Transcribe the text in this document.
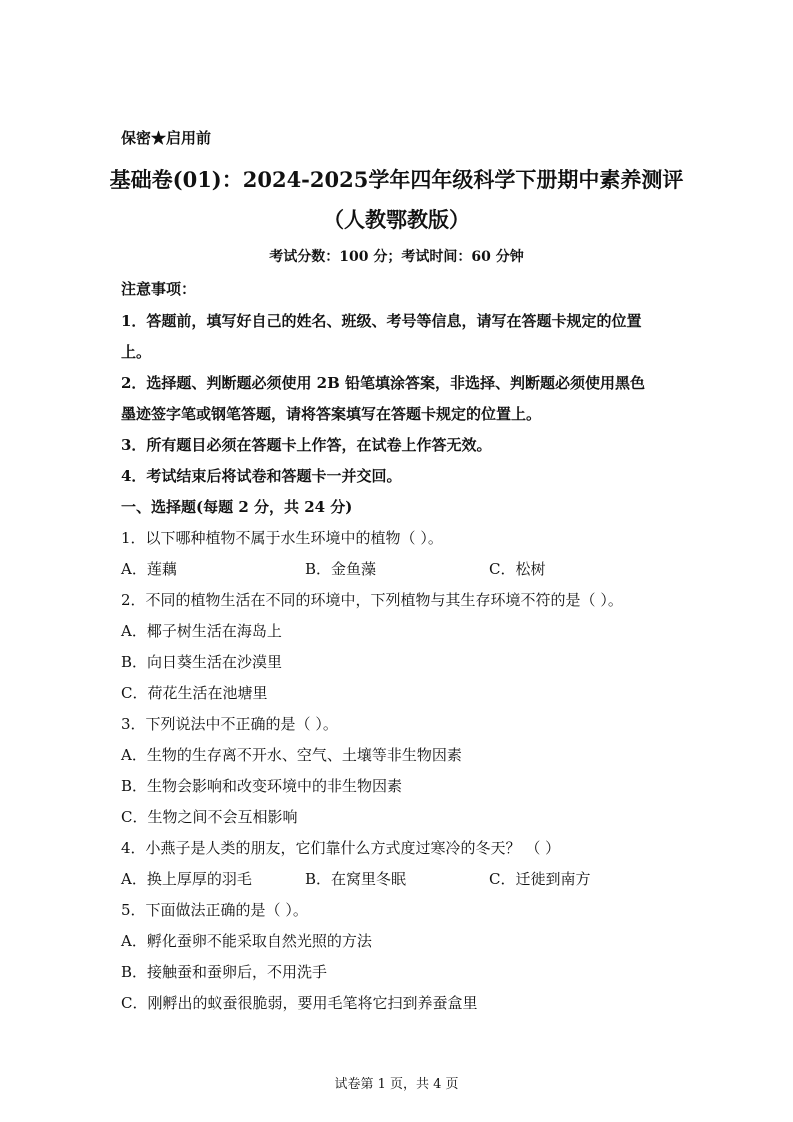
保密★启用前
基础卷(01)：2024-2025学年四年级科学下册期中素养测评
（人教鄂教版）
考试分数：100 分；考试时间：60 分钟
注意事项：
1．答题前，填写好自己的姓名、班级、考号等信息，请写在答题卡规定的位置
上。
2．选择题、判断题必须使用 2B 铅笔填涂答案，非选择、判断题必须使用黑色
墨迹签字笔或钢笔答题，请将答案填写在答题卡规定的位置上。
3．所有题目必须在答题卡上作答，在试卷上作答无效。
4．考试结束后将试卷和答题卡一并交回。
一、选择题(每题 2 分，共 24 分)
1．以下哪种植物不属于水生环境中的植物（ ）。
A．莲藕	B．金鱼藻	C．松树
2．不同的植物生活在不同的环境中，下列植物与其生存环境不符的是（ ）。
A．椰子树生活在海岛上
B．向日葵生活在沙漠里
C．荷花生活在池塘里
3．下列说法中不正确的是（ ）。
A．生物的生存离不开水、空气、土壤等非生物因素
B．生物会影响和改变环境中的非生物因素
C．生物之间不会互相影响
4．小燕子是人类的朋友，它们靠什么方式度过寒冷的冬天？ （ ）
A．换上厚厚的羽毛	B．在窝里冬眠	C．迁徙到南方
5．下面做法正确的是（ ）。
A．孵化蚕卵不能采取自然光照的方法
B．接触蚕和蚕卵后，不用洗手
C．刚孵出的蚁蚕很脆弱，要用毛笔将它扫到养蚕盒里
试卷第 1 页，共 4 页
